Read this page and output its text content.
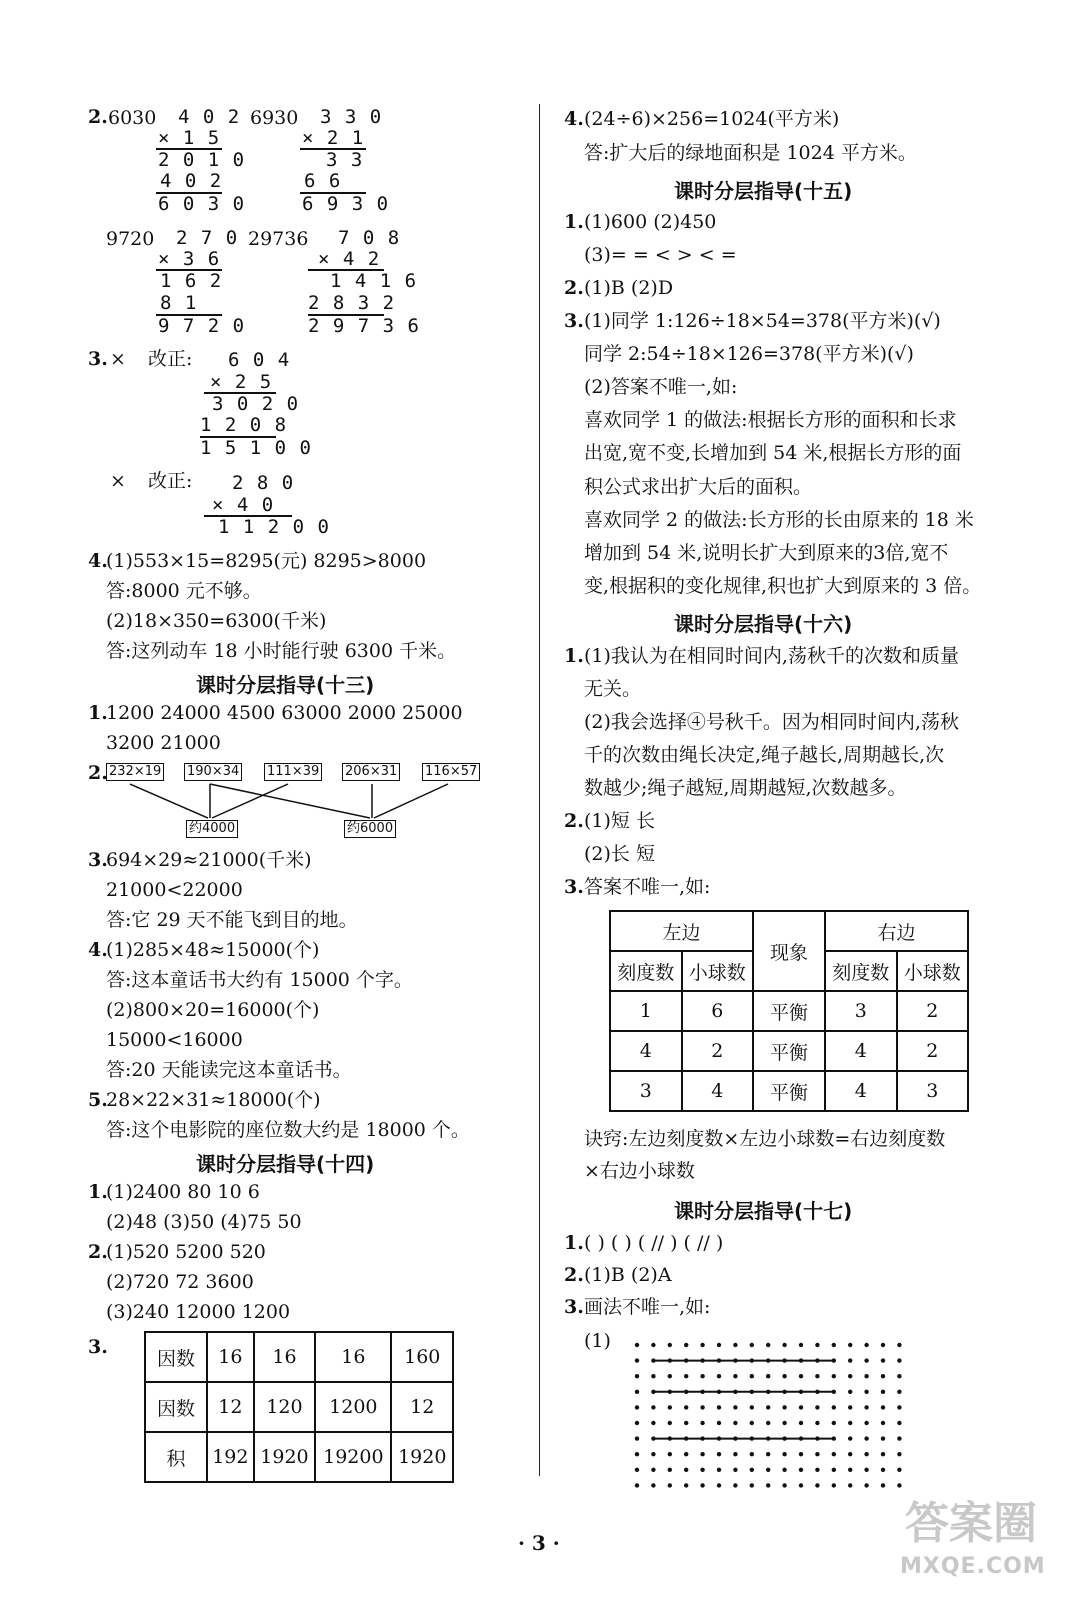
2. 6030 4 0 2
× 1 5
2 0 1 0
4 0 2
6 0 3 0
6930 3 3 0
× 2 1
3 3
6 6
6 9 3 0
9720 2 7 0
× 3 6
1 6 2
8 1
9 7 2 0
29736 7 0 8
× 4 2
1 4 1 6
2 8 3 2
2 9 7 3 6
3. × 改正: 6 0 4
× 2 5
3 0 2 0
1 2 0 8
1 5 1 0 0
× 改正: 2 8 0
× 4 0
1 1 2 0 0
4.
(1)553×15=8295(元) 8295>8000
答:8000 元不够。
(2)18×350=6300(千米)
答:这列动车 18 小时能行驶 6300 千米。
课时分层指导(十三)
1.
1200 24000 4500 63000 2000 25000
3200 21000
2. 232×19 190×34 111×39 206×31 116×57
约4000	约6000
3.
694×29≈21000(千米)
21000<22000
答:它 29 天不能飞到目的地。
4.
(1)285×48≈15000(个)
答:这本童话书大约有 15000 个字。
(2)800×20=16000(个)
15000<16000
答:20 天能读完这本童话书。
5.
28×22×31≈18000(个)
答:这个电影院的座位数大约是 18000 个。
课时分层指导(十四)
1.
(1)2400 80 10 6
(2)48 (3)50 (4)75 50
2.
(1)520 5200 520
(2)720 72 3600
(3)240 12000 1200
3.
因数	16	16	16	160
因数	12	120	1200	12
积	192	1920	19200	1920
4. (24÷6)×256=1024(平方米)
答:扩大后的绿地面积是 1024 平方米。
课时分层指导(十五)
1. (1)600 (2)450
(3)= = < > < =
2. (1)B (2)D
3. (1)同学 1:126÷18×54=378(平方米)(√)
同学 2:54÷18×126=378(平方米)(√)
(2)答案不唯一,如:
喜欢同学 1 的做法:根据长方形的面积和长求
出宽,宽不变,长增加到 54 米,根据长方形的面
积公式求出扩大后的面积。
喜欢同学 2 的做法:长方形的长由原来的 18 米
增加到 54 米,说明长扩大到原来的3倍,宽不
变,根据积的变化规律,积也扩大到原来的 3 倍。
课时分层指导(十六)
1. (1)我认为在相同时间内,荡秋千的次数和质量
无关。
(2)我会选择④号秋千。因为相同时间内,荡秋
千的次数由绳长决定,绳子越长,周期越长,次
数越少;绳子越短,周期越短,次数越多。
2. (1)短 长
(2)长 短
3. 答案不唯一,如:
左边		现象	右边	
刻度数	小球数		刻度数	小球数
1	6	平衡	3	2
4	2	平衡	4	2
3	4	平衡	4	3
诀窍:左边刻度数×左边小球数=右边刻度数
×右边小球数
课时分层指导(十七)
1. ( ) ( ) ( // ) ( // )
2. (1)B (2)A
3. 画法不唯一,如:
(1)
· 3 ·	答案圈
MXQE.COM
